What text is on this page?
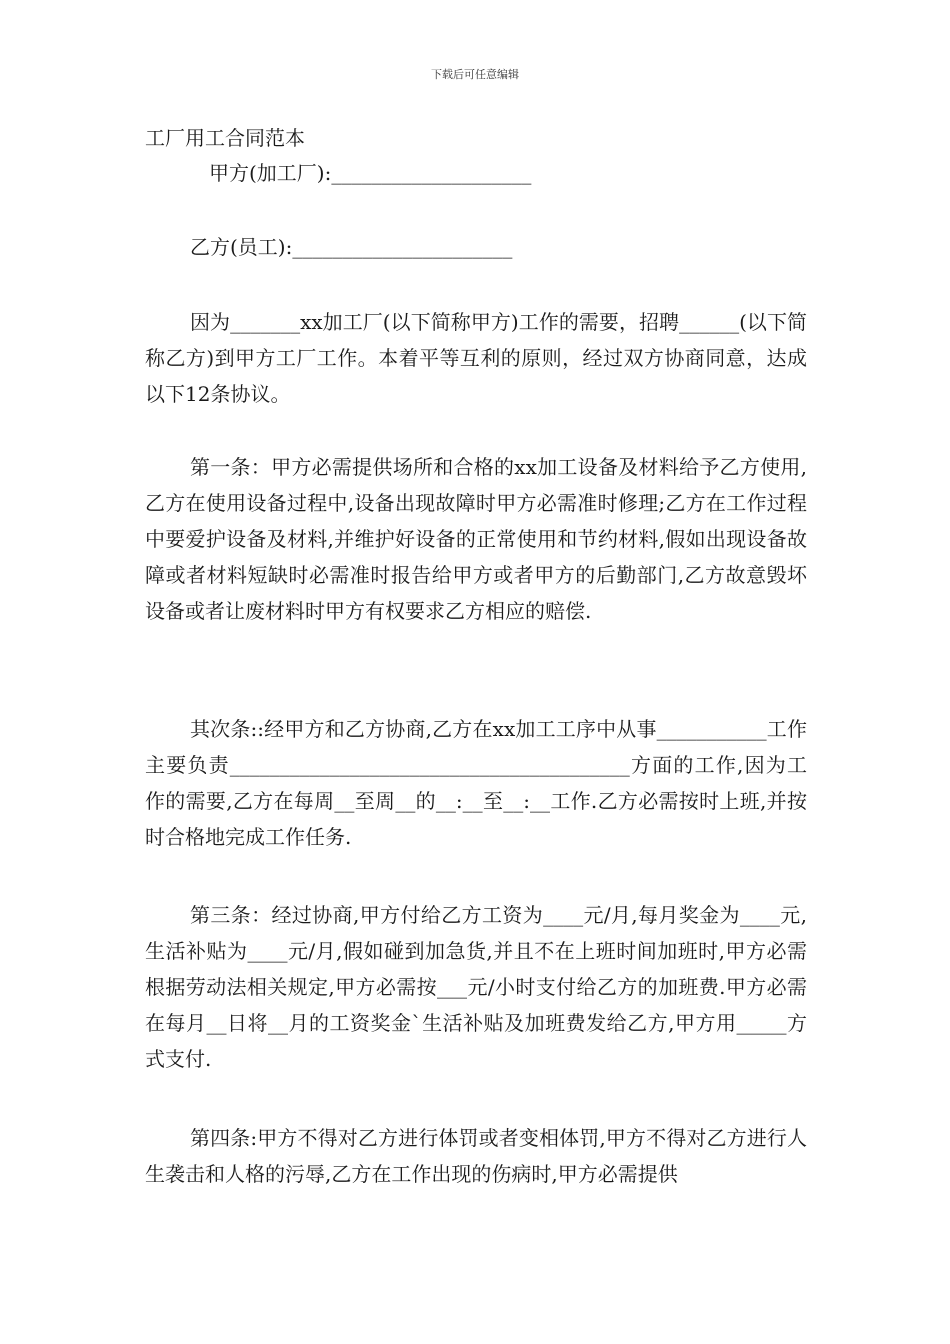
下载后可任意编辑
工厂用工合同范本
甲方(加工厂):____________________
乙方(员工):______________________

因为_______xx加工厂(以下简称甲方)工作的需要，招聘______(以下简称乙方)到甲方工厂工作。本着平等互利的原则，经过双方协商同意，达成以下12条协议。

第一条：甲方必需提供场所和合格的xx加工设备及材料给予乙方使用,乙方在使用设备过程中,设备出现故障时甲方必需准时修理;乙方在工作过程中要爱护设备及材料,并维护好设备的正常使用和节约材料,假如出现设备故障或者材料短缺时必需准时报告给甲方或者甲方的后勤部门,乙方故意毁坏设备或者让废材料时甲方有权要求乙方相应的赔偿.

其次条::经甲方和乙方协商,乙方在xx加工工序中从事___________工作主要负责________________________________________方面的工作,因为工作的需要,乙方在每周__至周__的__:__至__:__工作.乙方必需按时上班,并按时合格地完成工作任务.

第三条：经过协商,甲方付给乙方工资为____元/月,每月奖金为____元,生活补贴为____元/月,假如碰到加急货,并且不在上班时间加班时,甲方必需根据劳动法相关规定,甲方必需按___元/小时支付给乙方的加班费.甲方必需在每月__日将__月的工资奖金`生活补贴及加班费发给乙方,甲方用_____方式支付.

第四条:甲方不得对乙方进行体罚或者变相体罚,甲方不得对乙方进行人生袭击和人格的污辱,乙方在工作出现的伤病时,甲方必需提供
